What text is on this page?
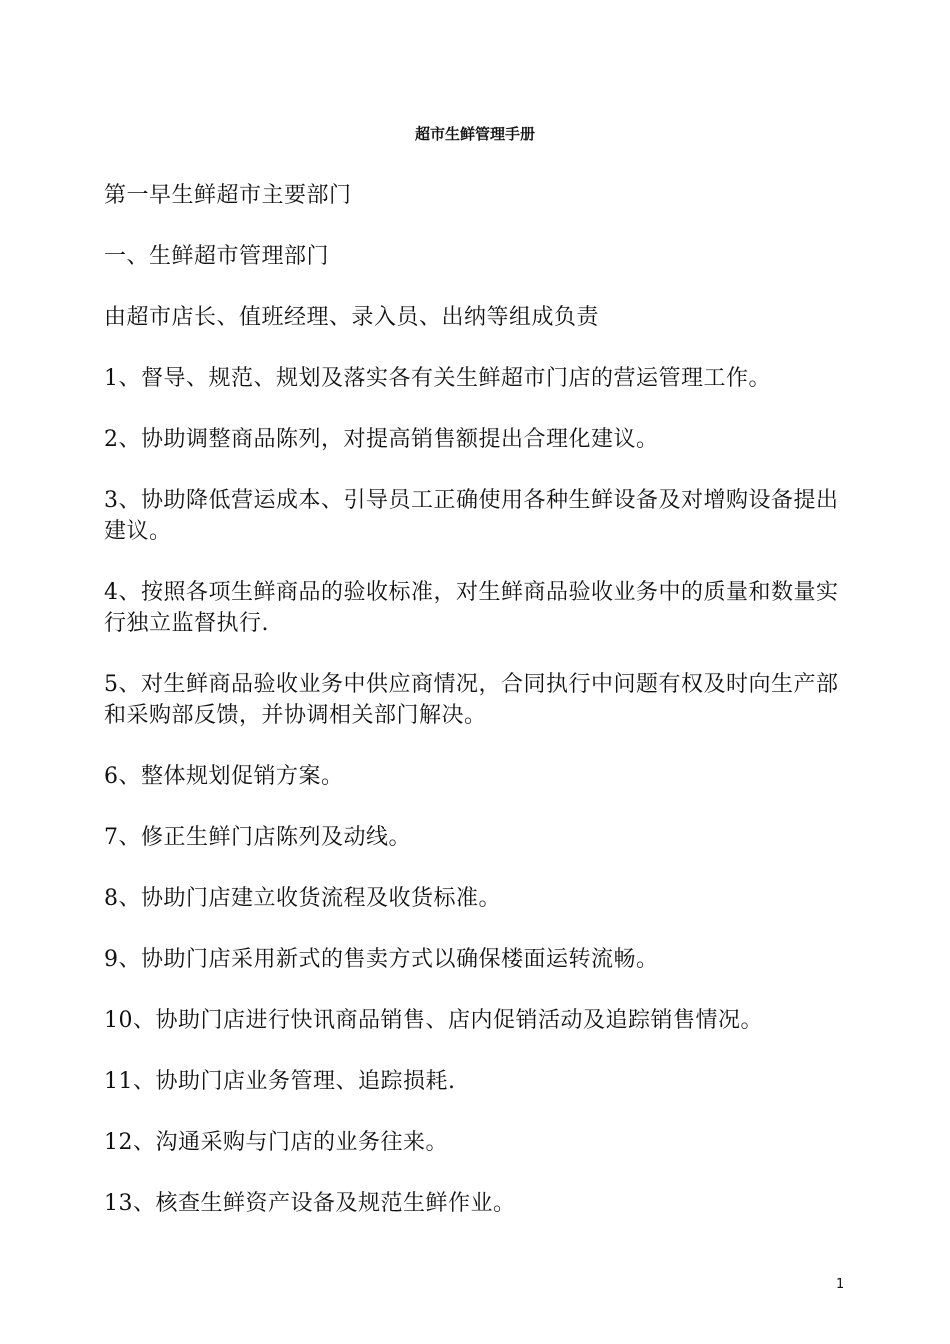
超市生鲜管理手册

第一早生鲜超市主要部门

一、生鲜超市管理部门

由超市店长、值班经理、录入员、出纳等组成负责

1、督导、规范、规划及落实各有关生鲜超市门店的营运管理工作。

2、协助调整商品陈列，对提高销售额提出合理化建议。

3、协助降低营运成本、引导员工正确使用各种生鲜设备及对增购设备提出建议。

4、按照各项生鲜商品的验收标准，对生鲜商品验收业务中的质量和数量实行独立监督执行.

5、对生鲜商品验收业务中供应商情况，合同执行中问题有权及时向生产部和采购部反馈，并协调相关部门解决。

6、整体规划促销方案。

7、修正生鲜门店陈列及动线。

8、协助门店建立收货流程及收货标准。

9、协助门店采用新式的售卖方式以确保楼面运转流畅。

10、协助门店进行快讯商品销售、店内促销活动及追踪销售情况。

11、协助门店业务管理、追踪损耗.

12、沟通采购与门店的业务往来。

13、核查生鲜资产设备及规范生鲜作业。

1
